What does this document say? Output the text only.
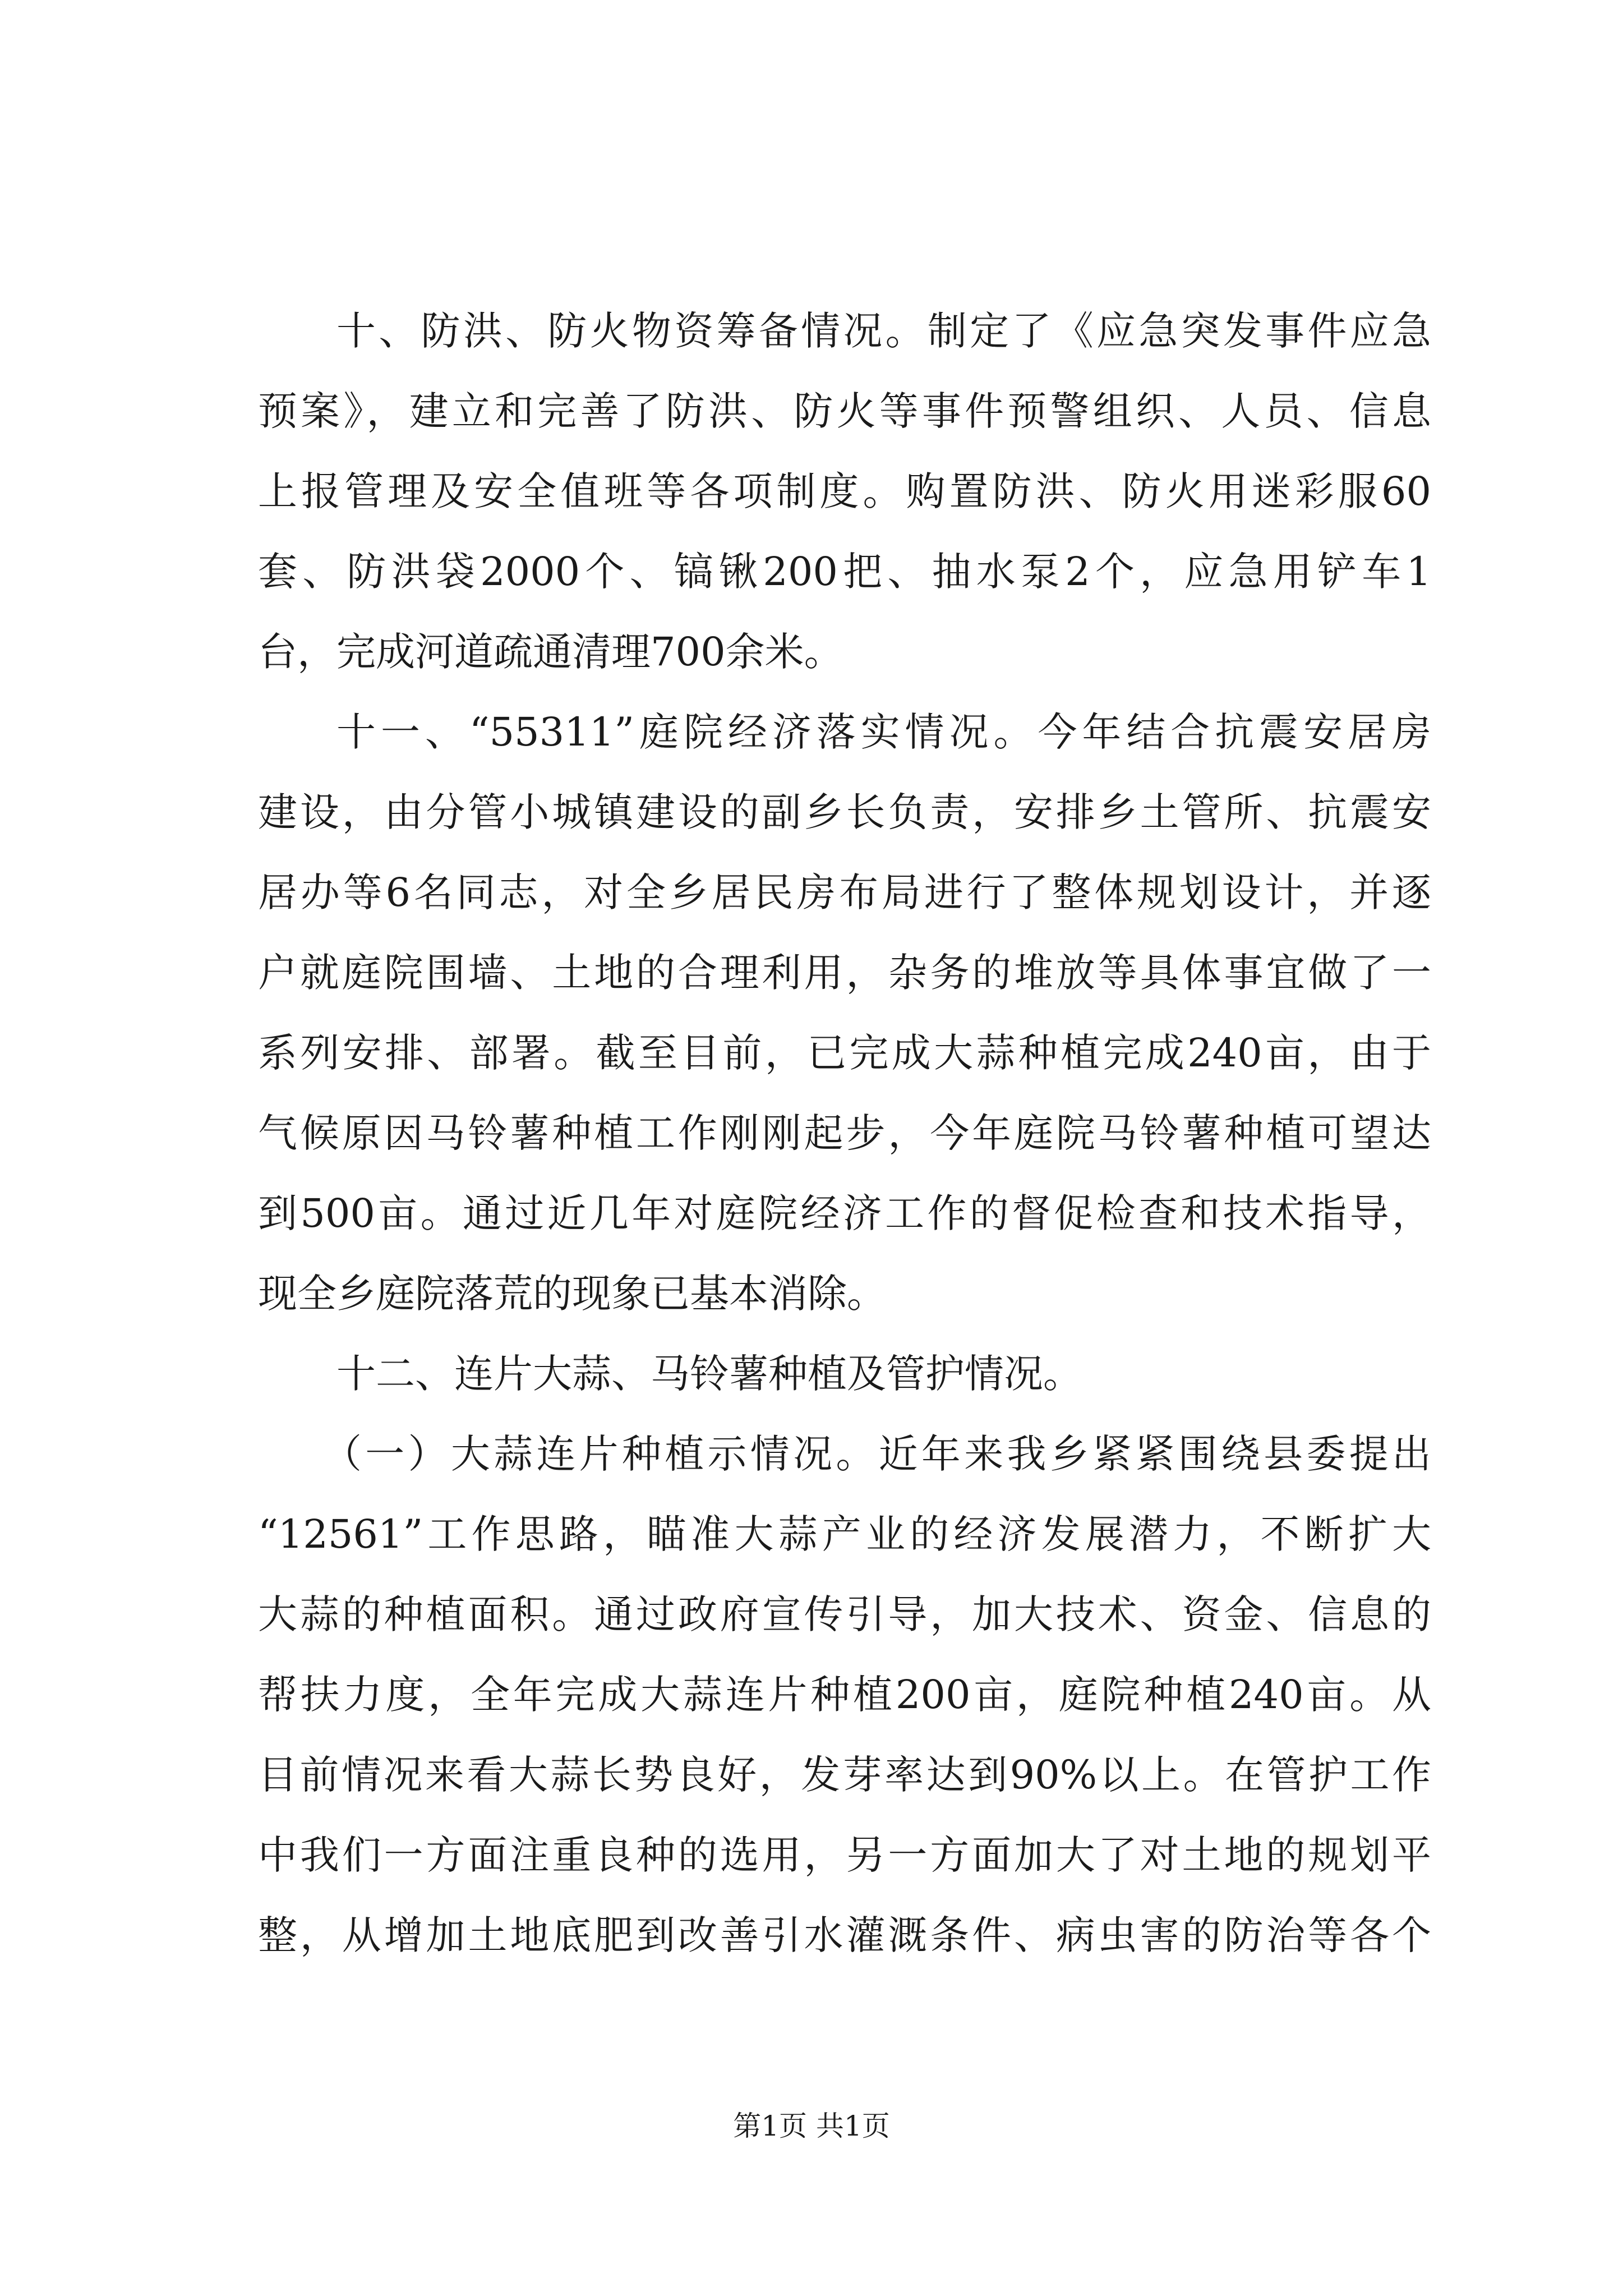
十、防洪、防火物资筹备情况。制定了《应急突发事件应急
预案》，建立和完善了防洪、防火等事件预警组织、人员、信息
上报管理及安全值班等各项制度。购置防洪、防火用迷彩服60
套、防洪袋2000个、镐锹200把、抽水泵2个，应急用铲车1
台，完成河道疏通清理700余米。
十一、“55311”庭院经济落实情况。今年结合抗震安居房
建设，由分管小城镇建设的副乡长负责，安排乡土管所、抗震安
居办等6名同志，对全乡居民房布局进行了整体规划设计，并逐
户就庭院围墙、土地的合理利用，杂务的堆放等具体事宜做了一
系列安排、部署。截至目前，已完成大蒜种植完成240亩，由于
气候原因马铃薯种植工作刚刚起步，今年庭院马铃薯种植可望达
到500亩。通过近几年对庭院经济工作的督促检查和技术指导，
现全乡庭院落荒的现象已基本消除。
十二、连片大蒜、马铃薯种植及管护情况。
（一）大蒜连片种植示情况。近年来我乡紧紧围绕县委提出
“12561”工作思路，瞄准大蒜产业的经济发展潜力，不断扩大
大蒜的种植面积。通过政府宣传引导，加大技术、资金、信息的
帮扶力度，全年完成大蒜连片种植200亩，庭院种植240亩。从
目前情况来看大蒜长势良好，发芽率达到90%以上。在管护工作
中我们一方面注重良种的选用，另一方面加大了对土地的规划平
整，从增加土地底肥到改善引水灌溉条件、病虫害的防治等各个
第1页 共1页
